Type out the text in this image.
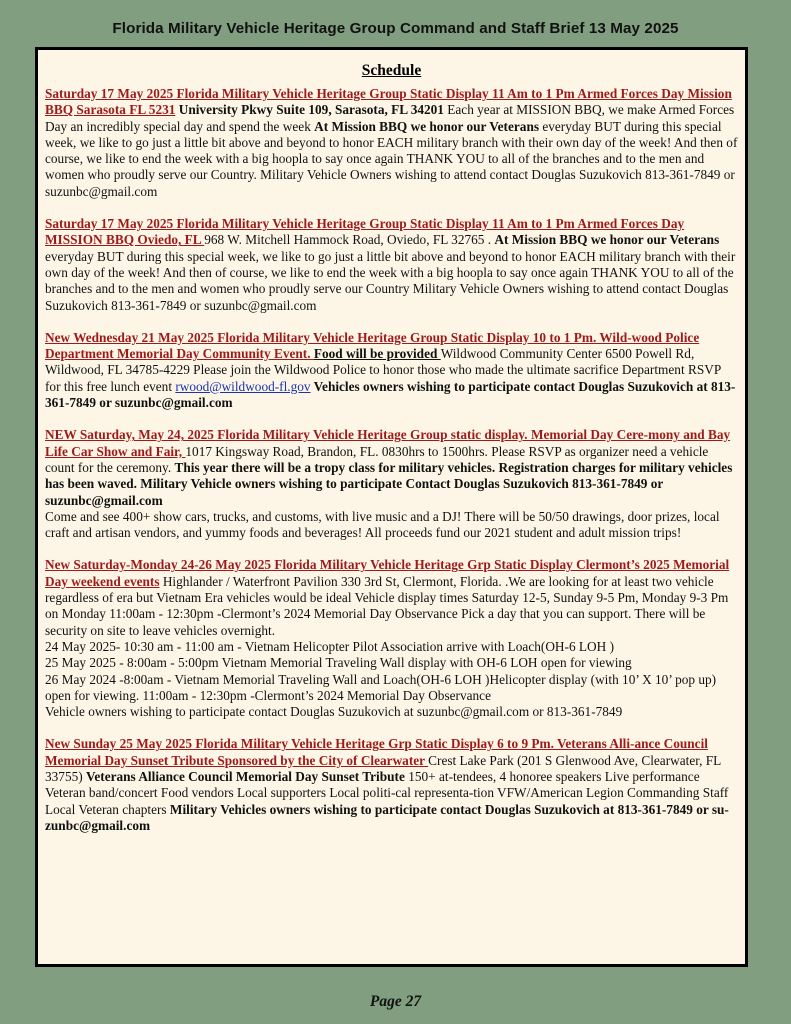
Florida Military Vehicle Heritage Group Command and Staff Brief 13 May 2025
Schedule
Saturday 17 May 2025 Florida Military Vehicle Heritage Group Static Display 11 Am to 1 Pm Armed Forces Day Mission BBQ Sarasota FL 5231 University Pkwy Suite 109, Sarasota, FL 34201 Each year at MISSION BBQ, we make Armed Forces Day an incredibly special day and spend the week At Mission BBQ we honor our Veterans everyday BUT during this special week, we like to go just a little bit above and beyond to honor EACH military branch with their own day of the week! And then of course, we like to end the week with a big hoopla to say once again THANK YOU to all of the branches and to the men and women who proudly serve our Country. Military Vehicle Owners wishing to attend contact Douglas Suzukovich 813-361-7849 or suzunbc@gmail.com
Saturday 17 May 2025 Florida Military Vehicle Heritage Group Static Display 11 Am to 1 Pm Armed Forces Day MISSION BBQ Oviedo, FL 968 W. Mitchell Hammock Road, Oviedo, FL 32765 . At Mission BBQ we honor our Veterans everyday BUT during this special week, we like to go just a little bit above and beyond to honor EACH military branch with their own day of the week! And then of course, we like to end the week with a big hoopla to say once again THANK YOU to all of the branches and to the men and women who proudly serve our Country Military Vehicle Owners wishing to attend contact Douglas Suzukovich 813-361-7849 or suzunbc@gmail.com
New Wednesday 21 May 2025 Florida Military Vehicle Heritage Group Static Display 10 to 1 Pm. Wild-wood Police Department Memorial Day Community Event. Food will be provided Wildwood Community Center 6500 Powell Rd, Wildwood, FL 34785-4229 Please join the Wildwood Police to honor those who made the ultimate sacrifice Department RSVP for this free lunch event rwood@wildwood-fl.gov Vehicles owners wishing to participate contact Douglas Suzukovich at 813-361-7849 or suzunbc@gmail.com
NEW Saturday, May 24, 2025 Florida Military Vehicle Heritage Group static display. Memorial Day Cere-mony and Bay Life Car Show and Fair, 1017 Kingsway Road, Brandon, FL. 0830hrs to 1500hrs. Please RSVP as organizer need a vehicle count for the ceremony. This year there will be a tropy class for military vehicles. Registration charges for military vehicles has been waved. Military Vehicle owners wishing to participate Contact Douglas Suzukovich 813-361-7849 or suzunbc@gmail.com
Come and see 400+ show cars, trucks, and customs, with live music and a DJ! There will be 50/50 drawings, door prizes, local craft and artisan vendors, and yummy foods and beverages! All proceeds fund our 2021 student and adult mission trips!
New Saturday-Monday 24-26 May 2025 Florida Military Vehicle Heritage Grp Static Display Clermont’s 2025 Memorial Day weekend events Highlander / Waterfront Pavilion 330 3rd St, Clermont, Florida. .We are looking for at least two vehicle regardless of era but Vietnam Era vehicles would be ideal Vehicle display times Saturday 12-5, Sunday 9-5 Pm, Monday 9-3 Pm on Monday 11:00am - 12:30pm -Clermont’s 2024 Memorial Day Observance Pick a day that you can support. There will be security on site to leave vehicles overnight.
24 May 2025- 10:30 am - 11:00 am - Vietnam Helicopter Pilot Association arrive with Loach(OH-6 LOH )
25 May 2025 - 8:00am - 5:00pm Vietnam Memorial Traveling Wall display with OH-6 LOH open for viewing
26 May 2024 -8:00am - Vietnam Memorial Traveling Wall and Loach(OH-6 LOH )Helicopter display (with 10’ X 10’ pop up) open for viewing. 11:00am - 12:30pm -Clermont’s 2024 Memorial Day Observance
Vehicle owners wishing to participate contact Douglas Suzukovich at suzunbc@gmail.com or 813-361-7849
New Sunday 25 May 2025 Florida Military Vehicle Heritage Grp Static Display 6 to 9 Pm. Veterans Alli-ance Council Memorial Day Sunset Tribute Sponsored by the City of Clearwater Crest Lake Park (201 S Glenwood Ave, Clearwater, FL 33755) Veterans Alliance Council Memorial Day Sunset Tribute 150+ at-tendees, 4 honoree speakers Live performance Veteran band/concert Food vendors Local supporters Local politi-cal representa-tion VFW/American Legion Commanding Staff Local Veteran chapters Military Vehicles owners wishing to participate contact Douglas Suzukovich at 813-361-7849 or su-zunbc@gmail.com
Page 27
